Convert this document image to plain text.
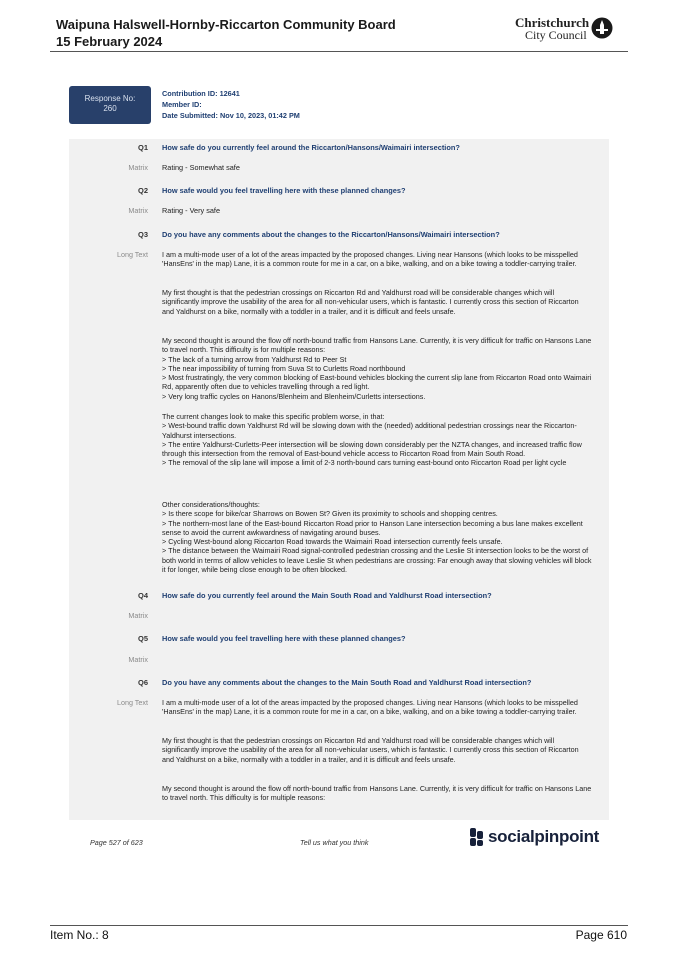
Waipuna Halswell-Hornby-Riccarton Community Board
15 February 2024
Christchurch
City Council
Response No:
260
Contribution ID: 12641
Member ID:
Date Submitted: Nov 10, 2023, 01:42 PM
Q1 How safe do you currently feel around the Riccarton/Hansons/Waimairi intersection?
Matrix Rating - Somewhat safe
Q2 How safe would you feel travelling here with these planned changes?
Matrix Rating - Very safe
Q3 Do you have any comments about the changes to the Riccarton/Hansons/Waimairi intersection?
Long Text I am a multi-mode user of a lot of the areas impacted by the proposed changes. Living near Hansons (which looks to be misspelled 'HansEns' in the map) Lane, it is a common route for me in a car, on a bike, walking, and on a bike towing a toddler-carrying trailer.
My first thought is that the pedestrian crossings on Riccarton Rd and Yaldhurst road will be considerable changes which will significantly improve the usability of the area for all non-vehicular users, which is fantastic. I currently cross this section of Riccarton and Yaldhurst on a bike, normally with a toddler in a trailer, and it is difficult and feels unsafe.
My second thought is around the flow off north-bound traffic from Hansons Lane. Currently, it is very difficult for traffic on Hansons Lane to travel north. This difficulty is for multiple reasons:
> The lack of a turning arrow from Yaldhurst Rd to Peer St
> The near impossibility of turning from Suva St to Curletts Road northbound
> Most frustratingly, the very common blocking of East-bound vehicles blocking the current slip lane from Riccarton Road onto Waimairi Rd, apparently often due to vehicles travelling through a red light.
> Very long traffic cycles on Hanons/Blenheim and Blenheim/Curletts intersections.
The current changes look to make this specific problem worse, in that:
> West-bound traffic down Yaldhurst Rd will be slowing down with the (needed) additional pedestrian crossings near the Riccarton-Yaldhurst intersections.
> The entire Yaldhurst-Curletts-Peer intersection will be slowing down considerably per the NZTA changes, and increased traffic flow through this intersection from the removal of East-bound vehicle access to Riccarton Road from Main South Road.
> The removal of the slip lane will impose a limit of 2-3 north-bound cars turning east-bound onto Riccarton Road per light cycle
Other considerations/thoughts:
> Is there scope for bike/car Sharrows on Bowen St? Given its proximity to schools and shopping centres.
> The northern-most lane of the East-bound Riccarton Road prior to Hanson Lane intersection becoming a bus lane makes excellent sense to avoid the current awkwardness of navigating around buses.
> Cycling West-bound along Riccarton Road towards the Waimairi Road intersection currently feels unsafe.
> The distance between the Waimairi Road signal-controlled pedestrian crossing and the Leslie St intersection looks to be the worst of both world in terms of allow vehicles to leave Leslie St when pedestrians are crossing: Far enough away that slowing vehicles will block it for longer, while being close enough to be often blocked.
Q4 How safe do you currently feel around the Main South Road and Yaldhurst Road intersection?
Matrix
Q5 How safe would you feel travelling here with these planned changes?
Matrix
Q6 Do you have any comments about the changes to the Main South Road and Yaldhurst Road intersection?
Long Text I am a multi-mode user of a lot of the areas impacted by the proposed changes. Living near Hansons (which looks to be misspelled 'HansEns' in the map) Lane, it is a common route for me in a car, on a bike, walking, and on a bike towing a toddler-carrying trailer.
My first thought is that the pedestrian crossings on Riccarton Rd and Yaldhurst road will be considerable changes which will significantly improve the usability of the area for all non-vehicular users, which is fantastic. I currently cross this section of Riccarton and Yaldhurst on a bike, normally with a toddler in a trailer, and it is difficult and feels unsafe.
My second thought is around the flow off north-bound traffic from Hansons Lane. Currently, it is very difficult for traffic on Hansons Lane to travel north. This difficulty is for multiple reasons:
Page 527 of 623	Tell us what you think	socialpinpoint
Item No.: 8	Page 610
